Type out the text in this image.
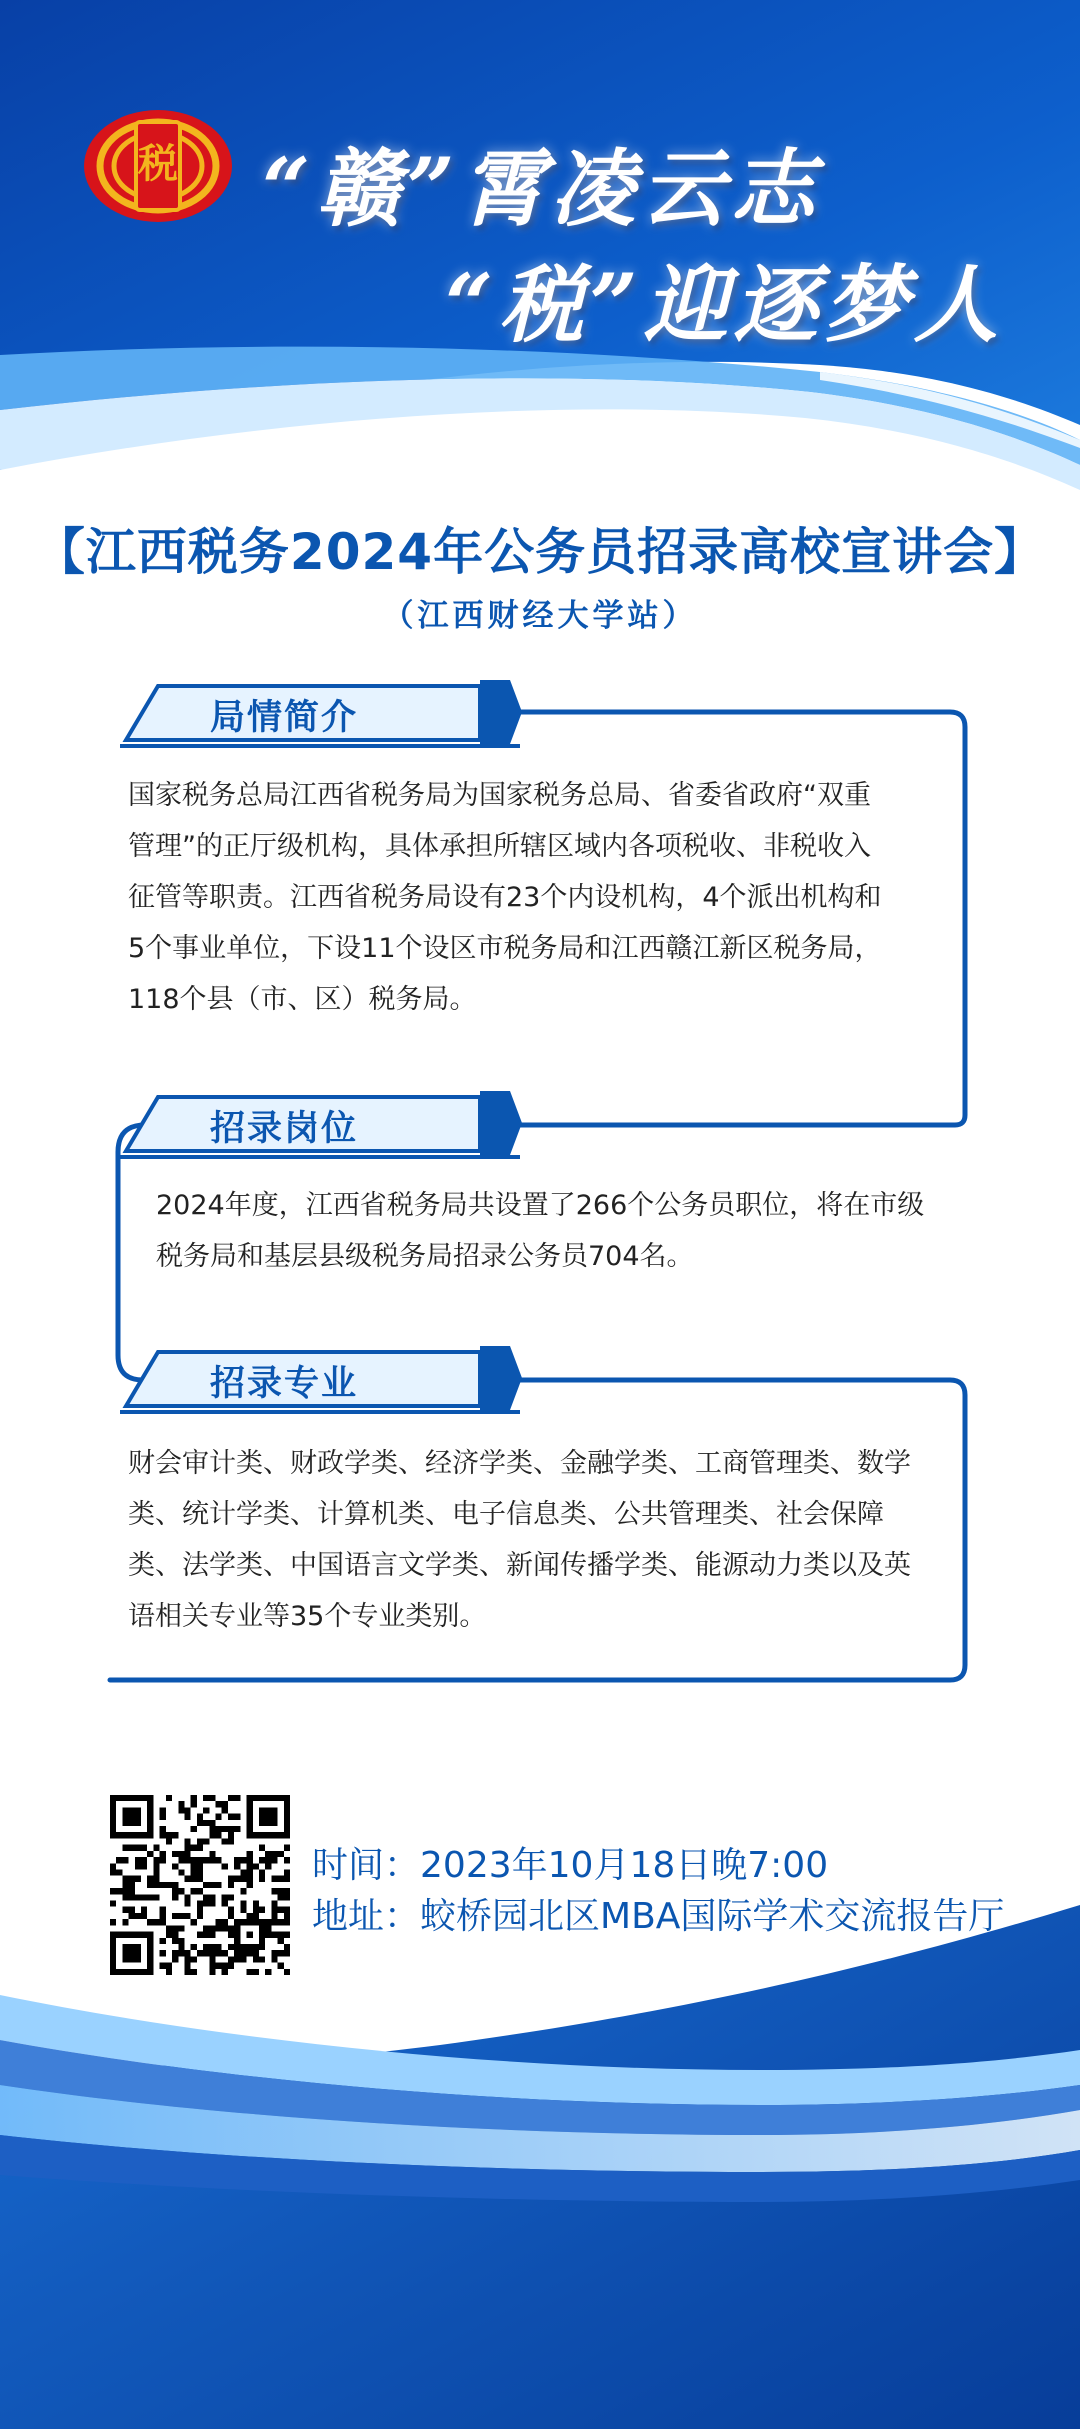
税 “赣”霄凌云志
“税”迎逐梦人
【江西税务2024年公务员招录高校宣讲会】
（江西财经大学站）
局情简介
国家税务总局江西省税务局为国家税务总局、省委省政府“双重
管理”的正厅级机构，具体承担所辖区域内各项税收、非税收入
征管等职责。江西省税务局设有23个内设机构，4个派出机构和
5个事业单位，下设11个设区市税务局和江西赣江新区税务局，
118个县（市、区）税务局。
招录岗位
2024年度，江西省税务局共设置了266个公务员职位，将在市级
税务局和基层县级税务局招录公务员704名。
招录专业
财会审计类、财政学类、经济学类、金融学类、工商管理类、数学
类、统计学类、计算机类、电子信息类、公共管理类、社会保障
类、法学类、中国语言文学类、新闻传播学类、能源动力类以及英
语相关专业等35个专业类别。
时间：2023年10月18日晚7:00
地址：蛟桥园北区MBA国际学术交流报告厅
